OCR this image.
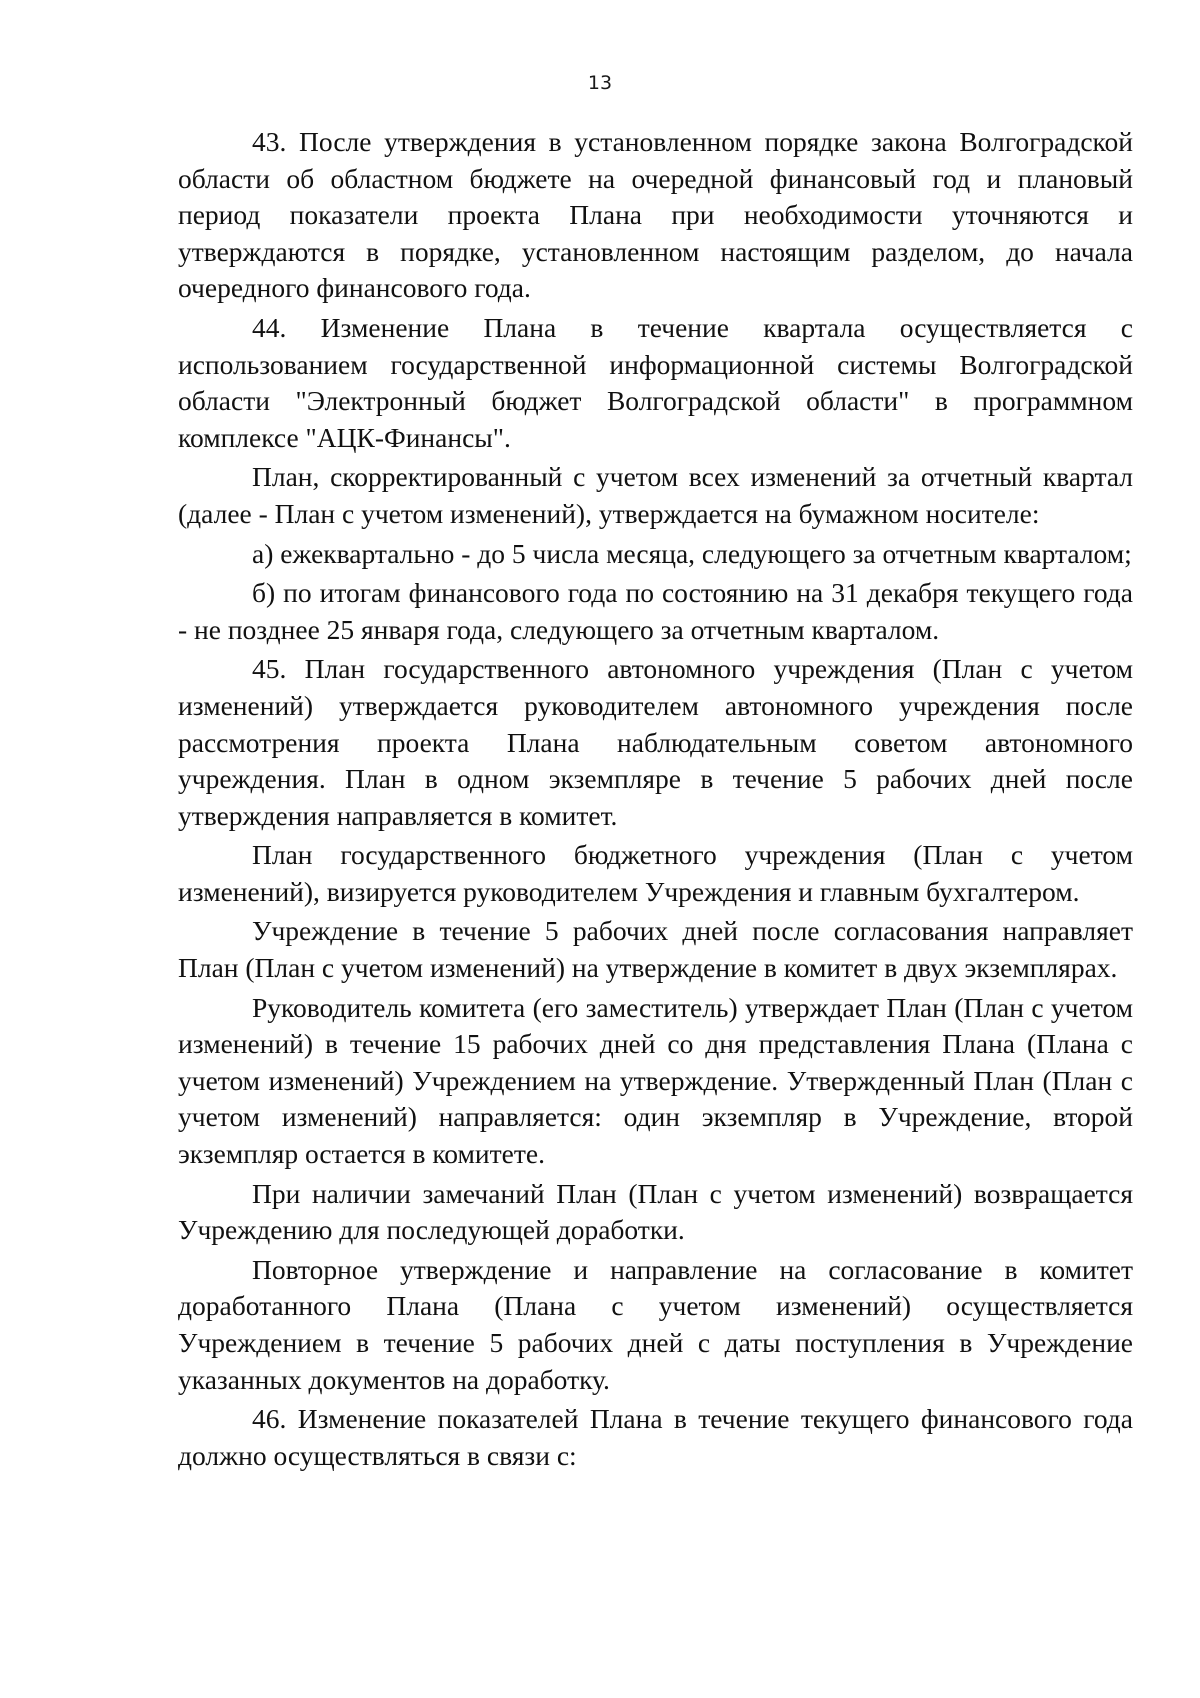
13

43. После утверждения в установленном порядке закона Волгоградской области об областном бюджете на очередной финансовый год и плановый период показатели проекта Плана при необходимости уточняются и утверждаются в порядке, установленном настоящим разделом, до начала очередного финансового года.

44. Изменение Плана в течение квартала осуществляется с использованием государственной информационной системы Волгоградской области "Электронный бюджет Волгоградской области" в программном комплексе "АЦК-Финансы".

План, скорректированный с учетом всех изменений за отчетный квартал (далее - План с учетом изменений), утверждается на бумажном носителе:

а) ежеквартально - до 5 числа месяца, следующего за отчетным кварталом;

б) по итогам финансового года по состоянию на 31 декабря текущего года - не позднее 25 января года, следующего за отчетным кварталом.

45. План государственного автономного учреждения (План с учетом изменений) утверждается руководителем автономного учреждения после рассмотрения проекта Плана наблюдательным советом автономного учреждения. План в одном экземпляре в течение 5 рабочих дней после утверждения направляется в комитет.

План государственного бюджетного учреждения (План с учетом изменений), визируется руководителем Учреждения и главным бухгалтером.

Учреждение в течение 5 рабочих дней после согласования направляет План (План с учетом изменений) на утверждение в комитет в двух экземплярах.

Руководитель комитета (его заместитель) утверждает План (План с учетом изменений) в течение 15 рабочих дней со дня представления Плана (Плана с учетом изменений) Учреждением на утверждение. Утвержденный План (План с учетом изменений) направляется: один экземпляр в Учреждение, второй экземпляр остается в комитете.

При наличии замечаний План (План с учетом изменений) возвращается Учреждению для последующей доработки.

Повторное утверждение и направление на согласование в комитет доработанного Плана (Плана с учетом изменений) осуществляется Учреждением в течение 5 рабочих дней с даты поступления в Учреждение указанных документов на доработку.

46. Изменение показателей Плана в течение текущего финансового года должно осуществляться в связи с:
